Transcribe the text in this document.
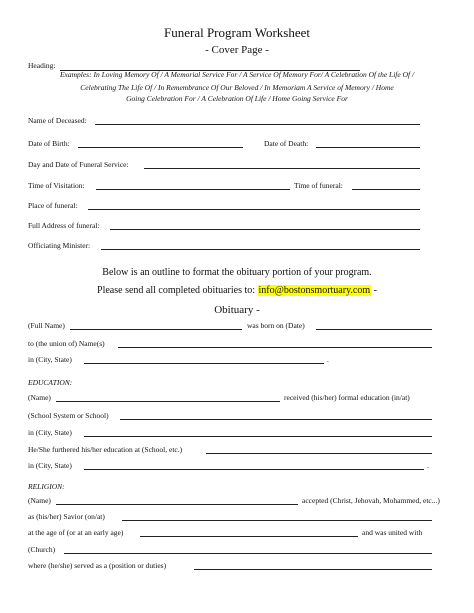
Funeral Program Worksheet
- Cover Page -
Heading:
Examples: In Loving Memory Of / A Memorial Service For / A Service Of Memory For/ A Celebration Of the Life Of /
Celebrating The Life Of / In Remembrance Of Our Beloved / In Memoriam A Service of Memory / Home
Going Celebration For / A Celebration Of Life / Home Going Service For
Name of Deceased:
Date of Birth:	Date of Death:
Day and Date of Funeral Service:
Time of Visitation:	Time of funeral:
Place of funeral:
Full Address of funeral:
Officiating Minister:
Below is an outline to format the obituary portion of your program.
Please send all completed obituaries to: info@bostonsmortuary.com -
Obituary -
(Full Name)	was born on (Date)
to (the union of) Name(s)
in (City, State)	.
EDUCATION:
(Name)	received (his/her) formal education (in/at)
(School System or School)
in (City, State)
He/She furthered his/her education at (School, etc.)
in (City, State)	.
RELIGION:
(Name)	accepted (Christ, Jehovah, Mohammed, etc...)
as (his/her) Savior (on/at)
at the age of (or at an early age)	and was united with
(Church)
where (he/she) served as a (position or duties)
